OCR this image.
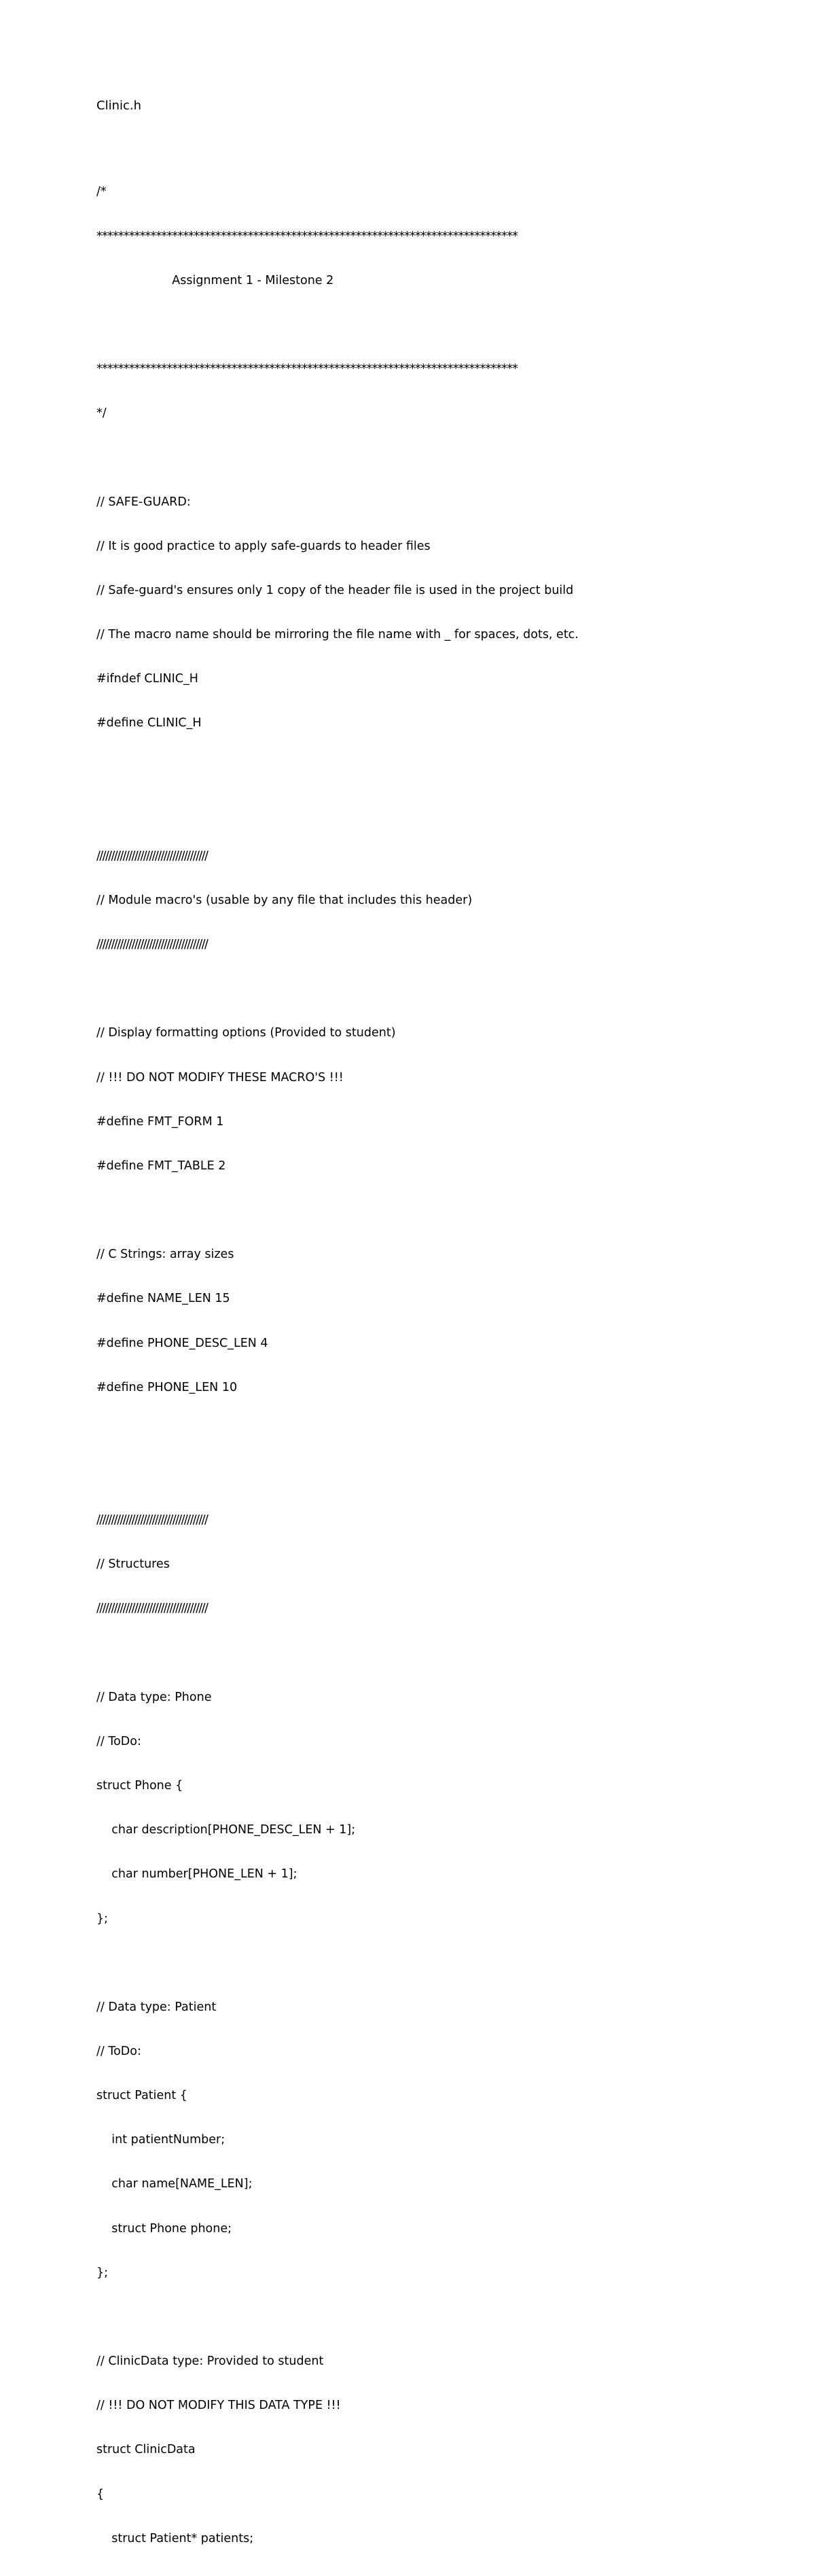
Clinic.h

/*

******************************************************************************

Assignment 1 - Milestone 2

******************************************************************************

*/

// SAFE-GUARD:

// It is good practice to apply safe-guards to header files

// Safe-guard's ensures only 1 copy of the header file is used in the project build

// The macro name should be mirroring the file name with _ for spaces, dots, etc.

#ifndef CLINIC_H

#define CLINIC_H

//////////////////////////////////////

// Module macro's (usable by any file that includes this header)

//////////////////////////////////////

// Display formatting options (Provided to student)

// !!! DO NOT MODIFY THESE MACRO'S !!!

#define FMT_FORM 1

#define FMT_TABLE 2

// C Strings: array sizes

#define NAME_LEN 15

#define PHONE_DESC_LEN 4

#define PHONE_LEN 10

//////////////////////////////////////

// Structures

//////////////////////////////////////

// Data type: Phone

// ToDo:

struct Phone {

char description[PHONE_DESC_LEN + 1];

char number[PHONE_LEN + 1];

};

// Data type: Patient

// ToDo:

struct Patient {

int patientNumber;

char name[NAME_LEN];

struct Phone phone;

};

// ClinicData type: Provided to student

// !!! DO NOT MODIFY THIS DATA TYPE !!!

struct ClinicData

{

struct Patient* patients;
